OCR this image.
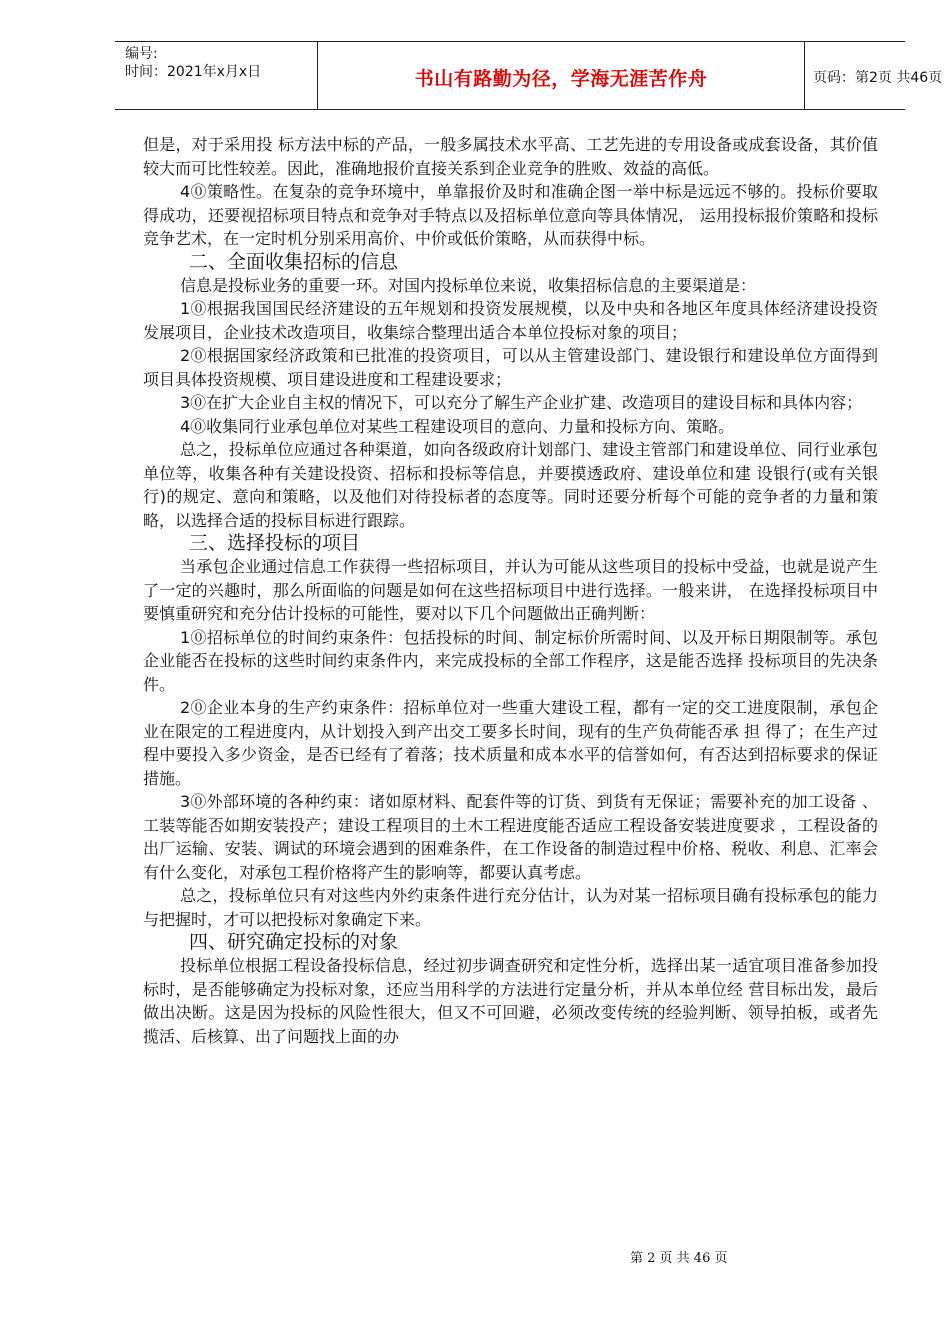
编号:
时间：2021年x月x日	书山有路勤为径，学海无涯苦作舟	页码：第2页 共46页

但是，对于采用投 标方法中标的产品，一般多属技术水平高、工艺先进的专用设备或成套设备，其价值较大而可比性较差。因此，准确地报价直接关系到企业竞争的胜败、效益的高低。

4⓪策略性。在复杂的竞争环境中，单靠报价及时和准确企图一举中标是远远不够的。投标价要取得成功，还要视招标项目特点和竞争对手特点以及招标单位意向等具体情况， 运用投标报价策略和投标竞争艺术，在一定时机分别采用高价、中价或低价策略，从而获得中标。

二、全面收集招标的信息

信息是投标业务的重要一环。对国内投标单位来说，收集招标信息的主要渠道是：

1⓪根据我国国民经济建设的五年规划和投资发展规模，以及中央和各地区年度具体经济建设投资发展项目，企业技术改造项目，收集综合整理出适合本单位投标对象的项目；

2⓪根据国家经济政策和已批准的投资项目，可以从主管建设部门、建设银行和建设单位方面得到项目具体投资规模、项目建设进度和工程建设要求；

3⓪在扩大企业自主权的情况下，可以充分了解生产企业扩建、改造项目的建设目标和具体内容；

4⓪收集同行业承包单位对某些工程建设项目的意向、力量和投标方向、策略。

总之，投标单位应通过各种渠道，如向各级政府计划部门、建设主管部门和建设单位、同行业承包单位等，收集各种有关建设投资、招标和投标等信息，并要摸透政府、建设单位和建 设银行(或有关银行)的规定、意向和策略，以及他们对待投标者的态度等。同时还要分析每个可能的竞争者的力量和策略，以选择合适的投标目标进行跟踪。

三、选择投标的项目

当承包企业通过信息工作获得一些招标项目，并认为可能从这些项目的投标中受益，也就是说产生了一定的兴趣时，那么所面临的问题是如何在这些招标项目中进行选择。一般来讲， 在选择投标项目中要慎重研究和充分估计投标的可能性，要对以下几个问题做出正确判断：

1⓪招标单位的时间约束条件：包括投标的时间、制定标价所需时间、以及开标日期限制等。承包企业能否在投标的这些时间约束条件内，来完成投标的全部工作程序，这是能否选择 投标项目的先决条件。

2⓪企业本身的生产约束条件：招标单位对一些重大建设工程，都有一定的交工进度限制，承包企业在限定的工程进度内，从计划投入到产出交工要多长时间，现有的生产负荷能否承 担 得了；在生产过程中要投入多少资金，是否已经有了着落；技术质量和成本水平的信誉如何，有否达到招标要求的保证措施。

3⓪外部环境的各种约束：诸如原材料、配套件等的订货、到货有无保证；需要补充的加工设备 、工装等能否如期安装投产；建设工程项目的土木工程进度能否适应工程设备安装进度要求 ，工程设备的出厂运输、安装、调试的环境会遇到的困难条件，在工作设备的制造过程中价格、税收、利息、汇率会有什么变化，对承包工程价格将产生的影响等，都要认真考虑。

总之，投标单位只有对这些内外约束条件进行充分估计，认为对某一招标项目确有投标承包的能力与把握时，才可以把投标对象确定下来。

四、研究确定投标的对象

投标单位根据工程设备投标信息，经过初步调查研究和定性分析，选择出某一适宜项目准备参加投标时，是否能够确定为投标对象，还应当用科学的方法进行定量分析，并从本单位经 营目标出发，最后做出决断。这是因为投标的风险性很大，但又不可回避，必须改变传统的经验判断、领导拍板，或者先揽活、后核算、出了问题找上面的办

第 2 页 共 46 页
